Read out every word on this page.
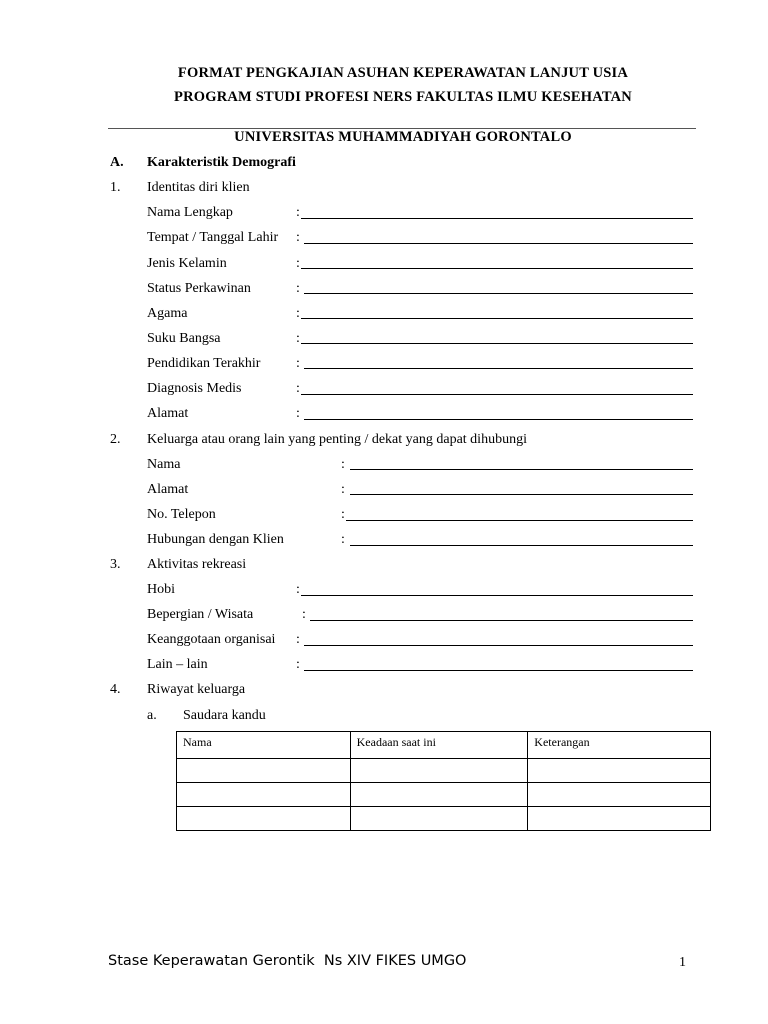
FORMAT PENGKAJIAN ASUHAN KEPERAWATAN LANJUT USIA
PROGRAM STUDI PROFESI NERS FAKULTAS ILMU KESEHATAN
UNIVERSITAS MUHAMMADIYAH GORONTALO
A. Karakteristik Demografi
1. Identitas diri klien
Nama Lengkap	:
Tempat / Tanggal Lahir :
Jenis Kelamin	:
Status Perkawinan	:
Agama	:
Suku Bangsa	:
Pendidikan Terakhir	:
Diagnosis Medis	:
Alamat	:
2. Keluarga atau orang lain yang penting / dekat yang dapat dihubungi
Nama	:
Alamat	:
No. Telepon	:
Hubungan dengan Klien	:
3. Aktivitas rekreasi
Hobi	:
Bepergian / Wisata	:
Keanggotaan organisai :
Lain – lain	:
4. Riwayat keluarga
a. Saudara kandu
Nama	Keadaan saat ini	Keterangan

Stase Keperawatan Gerontik  Ns XIV FIKES UMGO	1
